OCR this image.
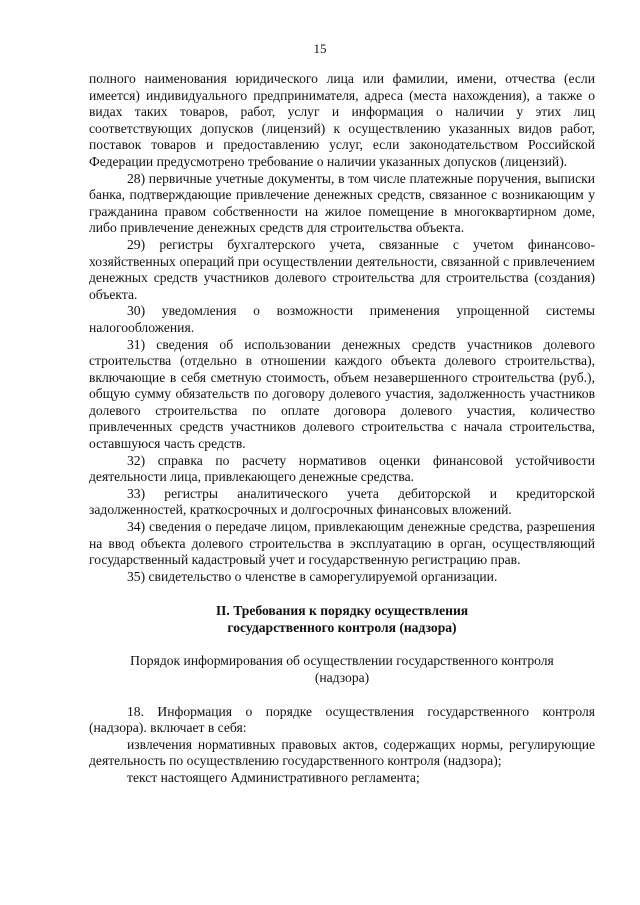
15

полного наименования юридического лица или фамилии, имени, отчества (если имеется) индивидуального предпринимателя, адреса (места нахождения), а также о видах таких товаров, работ, услуг и информация о наличии у этих лиц соответствующих допусков (лицензий) к осуществлению указанных видов работ, поставок товаров и предоставлению услуг, если законодательством Российской Федерации предусмотрено требование о наличии указанных допусков (лицензий).

28) первичные учетные документы, в том числе платежные поручения, выписки банка, подтверждающие привлечение денежных средств, связанное с возникающим у гражданина правом собственности на жилое помещение в многоквартирном доме, либо привлечение денежных средств для строительства объекта.

29) регистры бухгалтерского учета, связанные с учетом финансово-хозяйственных операций при осуществлении деятельности, связанной с привлечением денежных средств участников долевого строительства для строительства (создания) объекта.

30) уведомления о возможности применения упрощенной системы налогообложения.

31) сведения об использовании денежных средств участников долевого строительства (отдельно в отношении каждого объекта долевого строительства), включающие в себя сметную стоимость, объем незавершенного строительства (руб.), общую сумму обязательств по договору долевого участия, задолженность участников долевого строительства по оплате договора долевого участия, количество привлеченных средств участников долевого строительства с начала строительства, оставшуюся часть средств.

32) справка по расчету нормативов оценки финансовой устойчивости деятельности лица, привлекающего денежные средства.

33) регистры аналитического учета дебиторской и кредиторской задолженностей, краткосрочных и долгосрочных финансовых вложений.

34) сведения о передаче лицом, привлекающим денежные средства, разрешения на ввод объекта долевого строительства в эксплуатацию в орган, осуществляющий государственный кадастровый учет и государственную регистрацию прав.

35) свидетельство о членстве в саморегулируемой организации.

II. Требования к порядку осуществления
государственного контроля (надзора)

Порядок информирования об осуществлении государственного контроля (надзора)

18. Информация о порядке осуществления государственного контроля (надзора). включает в себя:

извлечения нормативных правовых актов, содержащих нормы, регулирующие деятельность по осуществлению государственного контроля (надзора);

текст настоящего Административного регламента;
